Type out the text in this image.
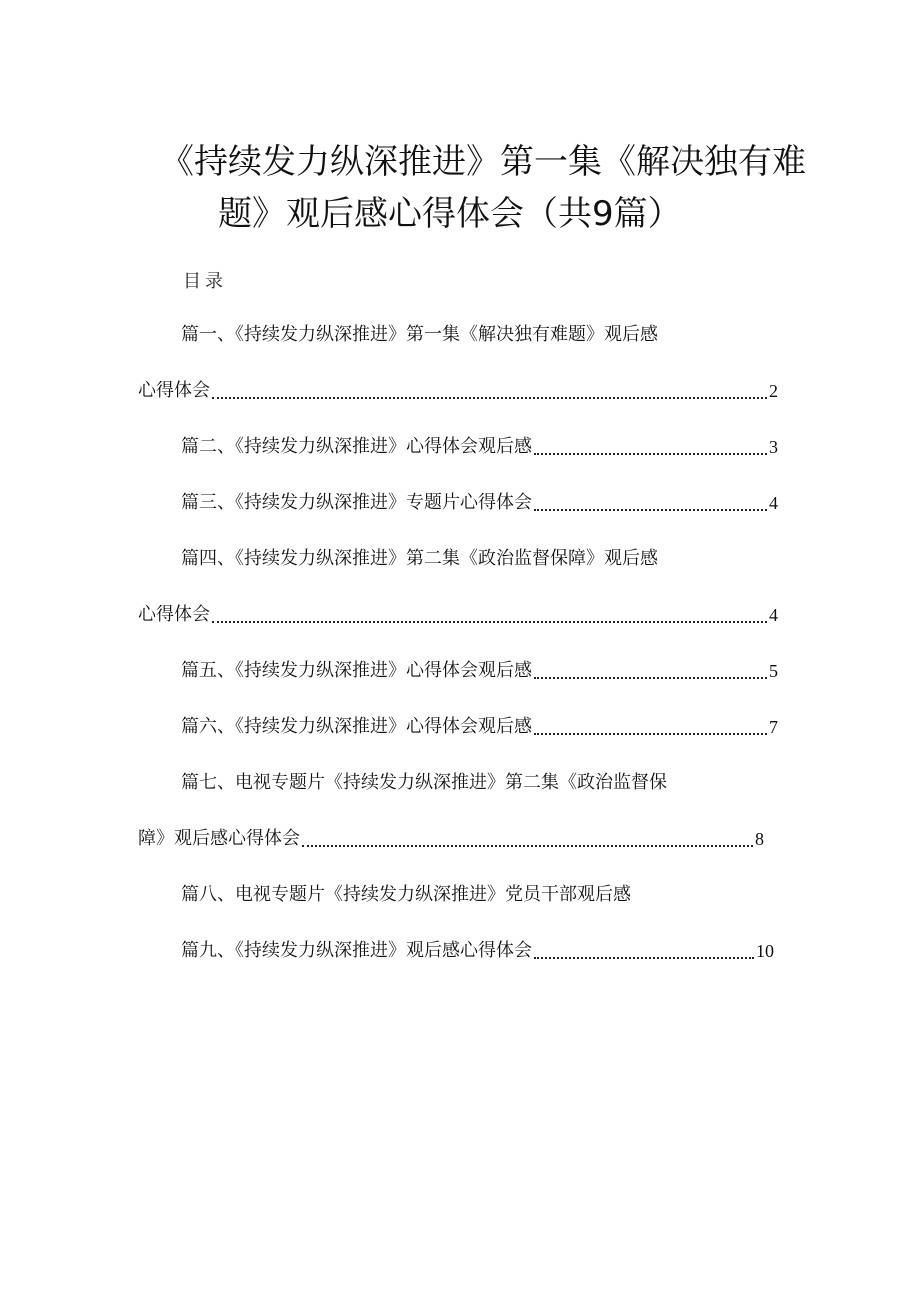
《持续发力纵深推进》第一集《解决独有难
题》观后感心得体会（共9篇）
目录
篇一、《持续发力纵深推进》第一集《解决独有难题》观后感
心得体会	2
篇二、《持续发力纵深推进》心得体会观后感	3
篇三、《持续发力纵深推进》专题片心得体会	4
篇四、《持续发力纵深推进》第二集《政治监督保障》观后感
心得体会	4
篇五、《持续发力纵深推进》心得体会观后感	5
篇六、《持续发力纵深推进》心得体会观后感	7
篇七、电视专题片《持续发力纵深推进》第二集《政治监督保
障》观后感心得体会	8
篇八、电视专题片《持续发力纵深推进》党员干部观后感
篇九、《持续发力纵深推进》观后感心得体会	10
